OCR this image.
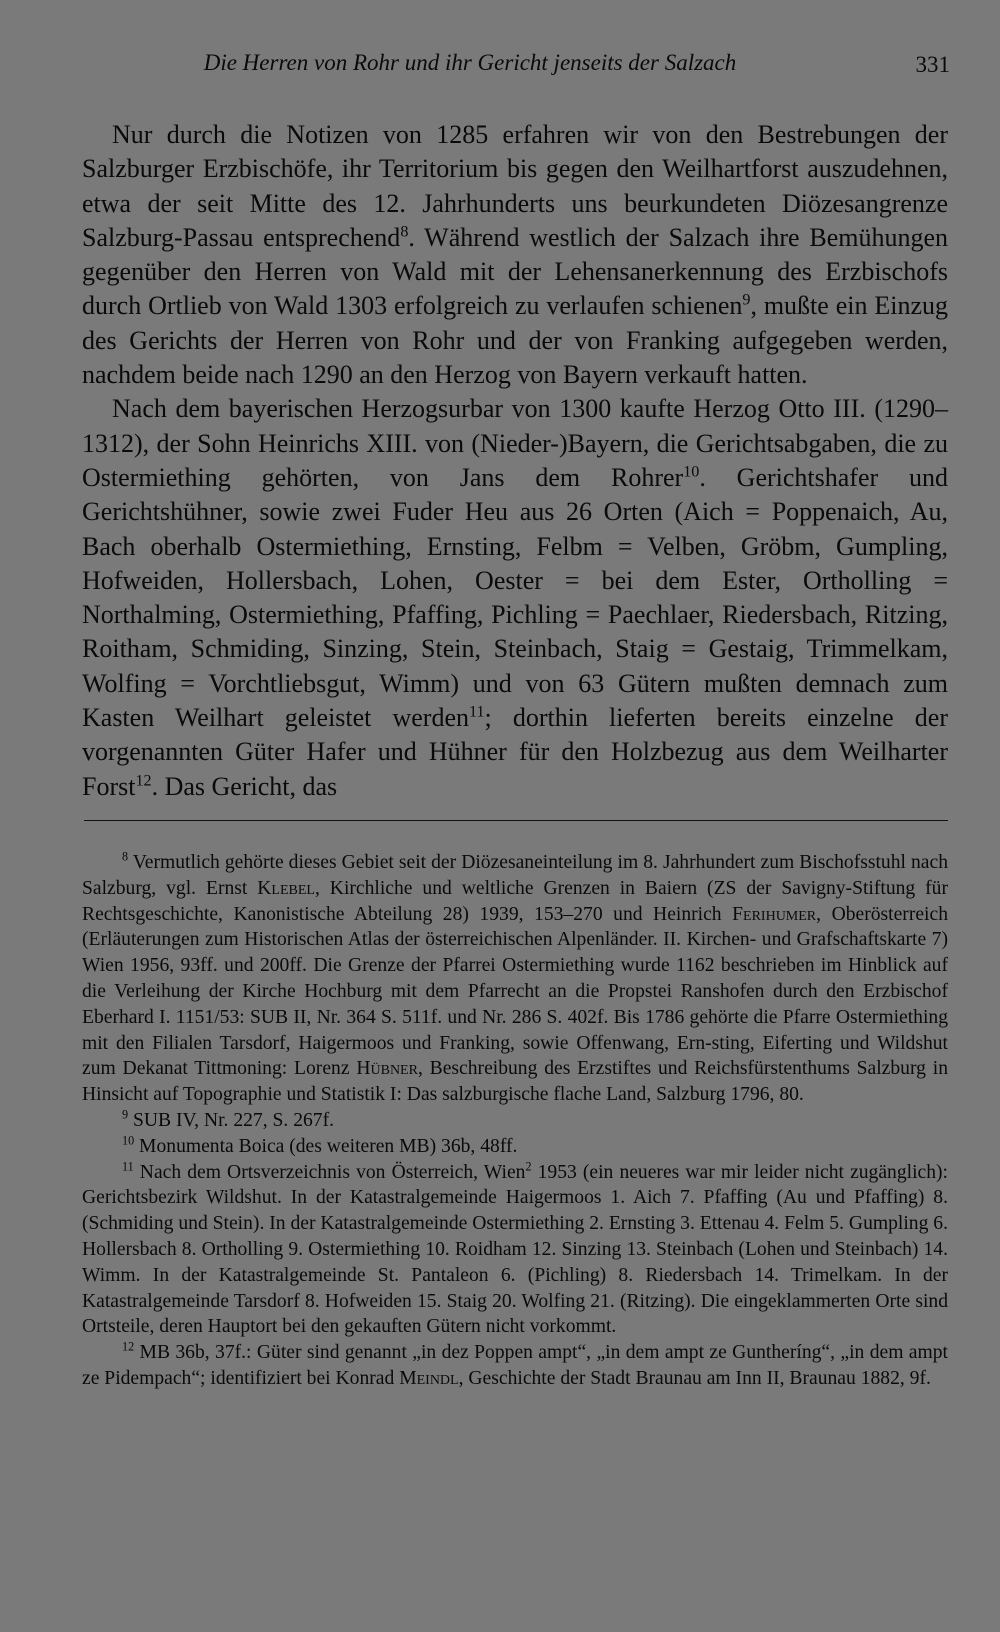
Die Herren von Rohr und ihr Gericht jenseits der Salzach	331

Nur durch die Notizen von 1285 erfahren wir von den Bestrebungen der Salzburger Erzbischöfe, ihr Territorium bis gegen den Weilhartforst auszudehnen, etwa der seit Mitte des 12. Jahrhunderts uns beurkundeten Diözesangrenze Salzburg-Passau entsprechend$^8$. Während westlich der Salzach ihre Bemühungen gegenüber den Herren von Wald mit der Lehensanerkennung des Erzbischofs durch Ortlieb von Wald 1303 erfolgreich zu verlaufen schienen$^9$, mußte ein Einzug des Gerichts der Herren von Rohr und der von Franking aufgegeben werden, nachdem beide nach 1290 an den Herzog von Bayern verkauft hatten.

Nach dem bayerischen Herzogsurbar von 1300 kaufte Herzog Otto III. (1290–1312), der Sohn Heinrichs XIII. von (Nieder-)Bayern, die Gerichtsabgaben, die zu Ostermiething gehörten, von Jans dem Rohrer$^{10}$. Gerichtshafer und Gerichtshühner, sowie zwei Fuder Heu aus 26 Orten (Aich = Poppenaich, Au, Bach oberhalb Ostermiething, Ernsting, Felbm = Velben, Gröbm, Gumpling, Hofweiden, Hollersbach, Lohen, Oester = bei dem Ester, Ortholling = Northalming, Ostermiething, Pfaffing, Pichling = Paechlaer, Riedersbach, Ritzing, Roitham, Schmiding, Sinzing, Stein, Steinbach, Staig = Gestaig, Trimmelkam, Wolfing = Vorchtliebsgut, Wimm) und von 63 Gütern mußten demnach zum Kasten Weilhart geleistet werden$^{11}$; dorthin lieferten bereits einzelne der vorgenannten Güter Hafer und Hühner für den Holzbezug aus dem Weilharter Forst$^{12}$. Das Gericht, das

$^8$ Vermutlich gehörte dieses Gebiet seit der Diözesaneinteilung im 8. Jahrhundert zum Bischofsstuhl nach Salzburg, vgl. Ernst Klebel, Kirchliche und weltliche Grenzen in Baiern (ZS der Savigny-Stiftung für Rechtsgeschichte, Kanonistische Abteilung 28) 1939, 153–270 und Heinrich Ferihumer, Oberösterreich (Erläuterungen zum Historischen Atlas der österreichischen Alpenländer. II. Kirchen- und Grafschaftskarte 7) Wien 1956, 93ff. und 200ff. Die Grenze der Pfarrei Ostermiething wurde 1162 beschrieben im Hinblick auf die Verleihung der Kirche Hochburg mit dem Pfarrecht an die Propstei Ranshofen durch den Erzbischof Eberhard I. 1151/53: SUB II, Nr. 364 S. 511f. und Nr. 286 S. 402f. Bis 1786 gehörte die Pfarre Ostermiething mit den Filialen Tarsdorf, Haigermoos und Franking, sowie Offenwang, Ern-sting, Eiferting und Wildshut zum Dekanat Tittmoning: Lorenz Hübner, Beschreibung des Erzstiftes und Reichsfürstenthums Salzburg in Hinsicht auf Topographie und Statistik I: Das salzburgische flache Land, Salzburg 1796, 80.

$^9$ SUB IV, Nr. 227, S. 267f.

$^{10}$ Monumenta Boica (des weiteren MB) 36b, 48ff.

$^{11}$ Nach dem Ortsverzeichnis von Österreich, Wien$^2$ 1953 (ein neueres war mir leider nicht zugänglich): Gerichtsbezirk Wildshut. In der Katastralgemeinde Haigermoos 1. Aich 7. Pfaffing (Au und Pfaffing) 8. (Schmiding und Stein). In der Katastralgemeinde Ostermiething 2. Ernsting 3. Ettenau 4. Felm 5. Gumpling 6. Hollersbach 8. Ortholling 9. Ostermiething 10. Roidham 12. Sinzing 13. Steinbach (Lohen und Steinbach) 14. Wimm. In der Katastralgemeinde St. Pantaleon 6. (Pichling) 8. Riedersbach 14. Trimelkam. In der Katastralgemeinde Tarsdorf 8. Hofweiden 15. Staig 20. Wolfing 21. (Ritzing). Die eingeklammerten Orte sind Ortsteile, deren Hauptort bei den gekauften Gütern nicht vorkommt.

$^{12}$ MB 36b, 37f.: Güter sind genannt „in dez Poppen ampt“, „in dem ampt ze Guntheríng“, „in dem ampt ze Pidempach“; identifiziert bei Konrad Meindl, Geschichte der Stadt Braunau am Inn II, Braunau 1882, 9f.
